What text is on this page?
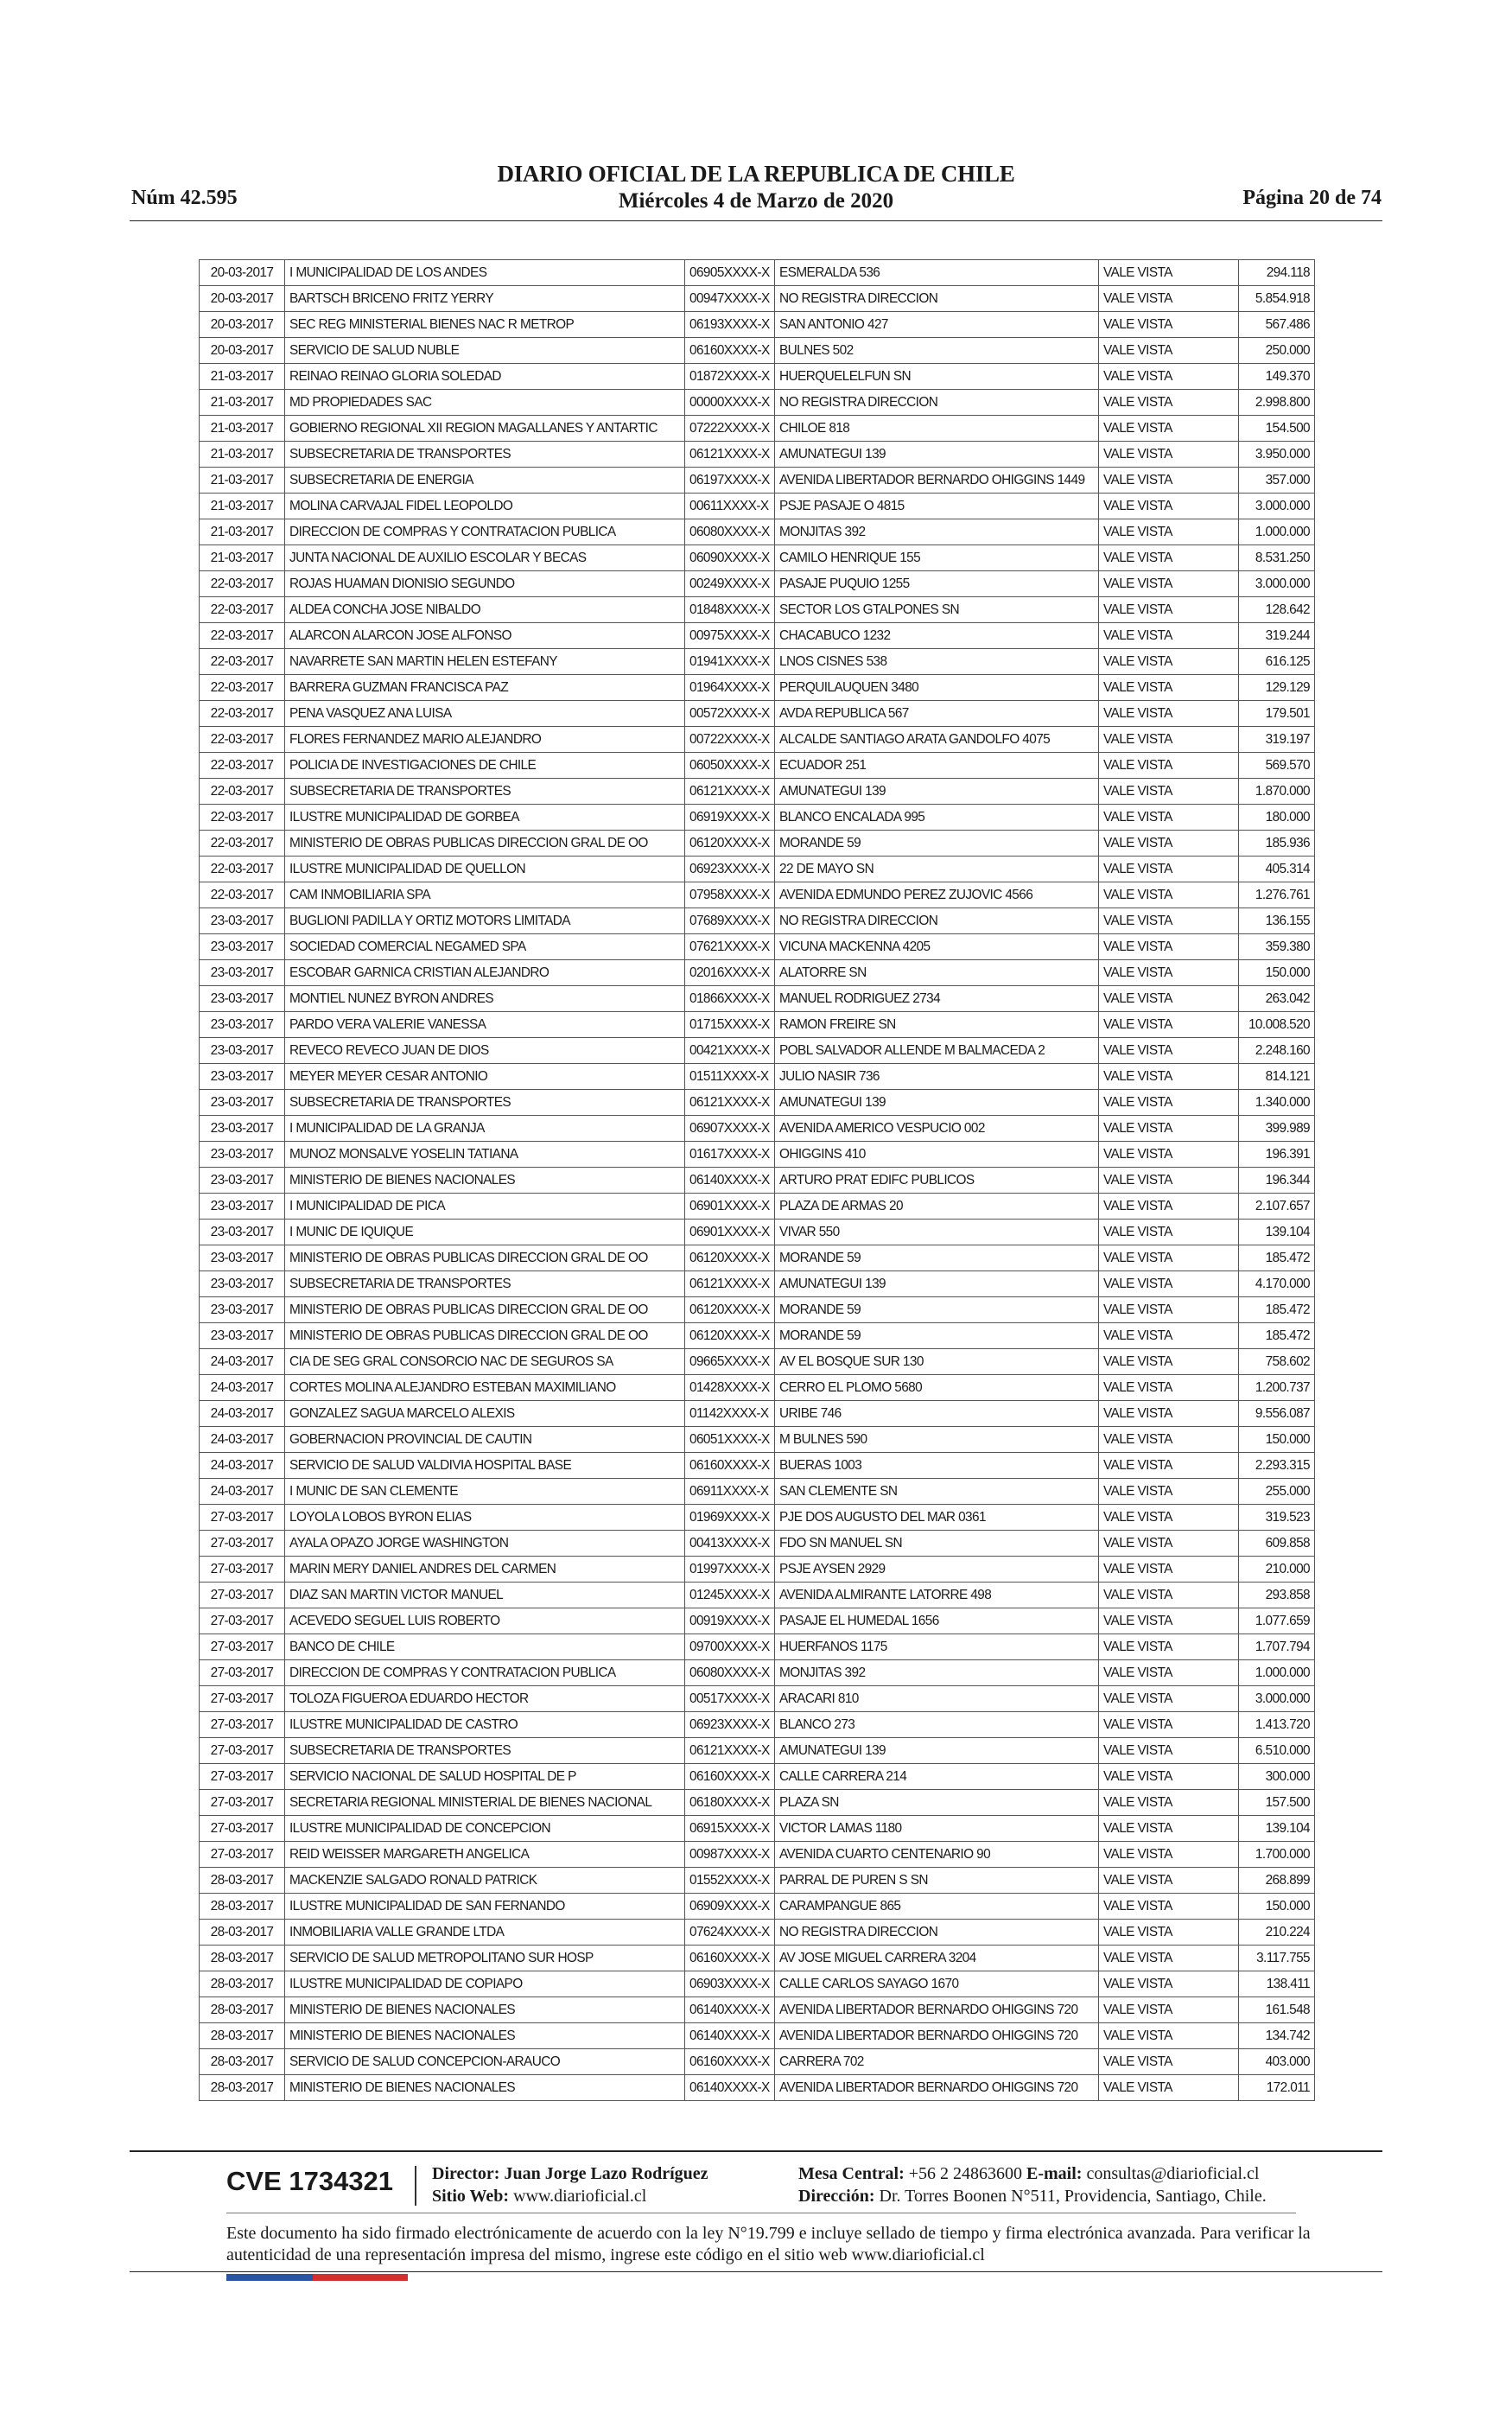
Núm 42.595
DIARIO OFICIAL DE LA REPUBLICA DE CHILE
Miércoles 4 de Marzo de 2020	Página 20 de 74
20-03-2017	I MUNICIPALIDAD DE LOS ANDES	06905XXXX-X	ESMERALDA 536	VALE VISTA	294.118
20-03-2017	BARTSCH BRICENO FRITZ YERRY	00947XXXX-X	NO REGISTRA DIRECCION	VALE VISTA	5.854.918
20-03-2017	SEC REG MINISTERIAL BIENES NAC R METROP	06193XXXX-X	SAN ANTONIO 427	VALE VISTA	567.486
20-03-2017	SERVICIO DE SALUD NUBLE	06160XXXX-X	BULNES 502	VALE VISTA	250.000
21-03-2017	REINAO REINAO GLORIA SOLEDAD	01872XXXX-X	HUERQUELELFUN SN	VALE VISTA	149.370
21-03-2017	MD PROPIEDADES SAC	00000XXXX-X	NO REGISTRA DIRECCION	VALE VISTA	2.998.800
21-03-2017	GOBIERNO REGIONAL XII REGION MAGALLANES Y ANTARTIC	07222XXXX-X	CHILOE 818	VALE VISTA	154.500
21-03-2017	SUBSECRETARIA DE TRANSPORTES	06121XXXX-X	AMUNATEGUI 139	VALE VISTA	3.950.000
21-03-2017	SUBSECRETARIA DE ENERGIA	06197XXXX-X	AVENIDA LIBERTADOR BERNARDO OHIGGINS 1449	VALE VISTA	357.000
21-03-2017	MOLINA CARVAJAL FIDEL LEOPOLDO	00611XXXX-X	PSJE PASAJE O 4815	VALE VISTA	3.000.000
21-03-2017	DIRECCION DE COMPRAS Y CONTRATACION PUBLICA	06080XXXX-X	MONJITAS 392	VALE VISTA	1.000.000
21-03-2017	JUNTA NACIONAL DE AUXILIO ESCOLAR Y BECAS	06090XXXX-X	CAMILO HENRIQUE 155	VALE VISTA	8.531.250
22-03-2017	ROJAS HUAMAN DIONISIO SEGUNDO	00249XXXX-X	PASAJE PUQUIO 1255	VALE VISTA	3.000.000
22-03-2017	ALDEA CONCHA JOSE NIBALDO	01848XXXX-X	SECTOR LOS GTALPONES SN	VALE VISTA	128.642
22-03-2017	ALARCON ALARCON JOSE ALFONSO	00975XXXX-X	CHACABUCO 1232	VALE VISTA	319.244
22-03-2017	NAVARRETE SAN MARTIN HELEN ESTEFANY	01941XXXX-X	LNOS CISNES 538	VALE VISTA	616.125
22-03-2017	BARRERA GUZMAN FRANCISCA PAZ	01964XXXX-X	PERQUILAUQUEN 3480	VALE VISTA	129.129
22-03-2017	PENA VASQUEZ ANA LUISA	00572XXXX-X	AVDA REPUBLICA 567	VALE VISTA	179.501
22-03-2017	FLORES FERNANDEZ MARIO ALEJANDRO	00722XXXX-X	ALCALDE SANTIAGO ARATA GANDOLFO 4075	VALE VISTA	319.197
22-03-2017	POLICIA DE INVESTIGACIONES DE CHILE	06050XXXX-X	ECUADOR 251	VALE VISTA	569.570
22-03-2017	SUBSECRETARIA DE TRANSPORTES	06121XXXX-X	AMUNATEGUI 139	VALE VISTA	1.870.000
22-03-2017	ILUSTRE MUNICIPALIDAD DE GORBEA	06919XXXX-X	BLANCO ENCALADA 995	VALE VISTA	180.000
22-03-2017	MINISTERIO DE OBRAS PUBLICAS DIRECCION GRAL DE OO	06120XXXX-X	MORANDE 59	VALE VISTA	185.936
22-03-2017	ILUSTRE MUNICIPALIDAD DE QUELLON	06923XXXX-X	22 DE MAYO SN	VALE VISTA	405.314
22-03-2017	CAM INMOBILIARIA SPA	07958XXXX-X	AVENIDA EDMUNDO PEREZ ZUJOVIC 4566	VALE VISTA	1.276.761
23-03-2017	BUGLIONI PADILLA Y ORTIZ MOTORS LIMITADA	07689XXXX-X	NO REGISTRA DIRECCION	VALE VISTA	136.155
23-03-2017	SOCIEDAD COMERCIAL NEGAMED SPA	07621XXXX-X	VICUNA MACKENNA 4205	VALE VISTA	359.380
23-03-2017	ESCOBAR GARNICA CRISTIAN ALEJANDRO	02016XXXX-X	ALATORRE SN	VALE VISTA	150.000
23-03-2017	MONTIEL NUNEZ BYRON ANDRES	01866XXXX-X	MANUEL RODRIGUEZ 2734	VALE VISTA	263.042
23-03-2017	PARDO VERA VALERIE VANESSA	01715XXXX-X	RAMON FREIRE SN	VALE VISTA	10.008.520
23-03-2017	REVECO REVECO JUAN DE DIOS	00421XXXX-X	POBL SALVADOR ALLENDE M BALMACEDA 2	VALE VISTA	2.248.160
23-03-2017	MEYER MEYER CESAR ANTONIO	01511XXXX-X	JULIO NASIR 736	VALE VISTA	814.121
23-03-2017	SUBSECRETARIA DE TRANSPORTES	06121XXXX-X	AMUNATEGUI 139	VALE VISTA	1.340.000
23-03-2017	I MUNICIPALIDAD DE LA GRANJA	06907XXXX-X	AVENIDA AMERICO VESPUCIO 002	VALE VISTA	399.989
23-03-2017	MUNOZ MONSALVE YOSELIN TATIANA	01617XXXX-X	OHIGGINS 410	VALE VISTA	196.391
23-03-2017	MINISTERIO DE BIENES NACIONALES	06140XXXX-X	ARTURO PRAT EDIFC PUBLICOS	VALE VISTA	196.344
23-03-2017	I MUNICIPALIDAD DE PICA	06901XXXX-X	PLAZA DE ARMAS 20	VALE VISTA	2.107.657
23-03-2017	I MUNIC DE IQUIQUE	06901XXXX-X	VIVAR 550	VALE VISTA	139.104
23-03-2017	MINISTERIO DE OBRAS PUBLICAS DIRECCION GRAL DE OO	06120XXXX-X	MORANDE 59	VALE VISTA	185.472
23-03-2017	SUBSECRETARIA DE TRANSPORTES	06121XXXX-X	AMUNATEGUI 139	VALE VISTA	4.170.000
23-03-2017	MINISTERIO DE OBRAS PUBLICAS DIRECCION GRAL DE OO	06120XXXX-X	MORANDE 59	VALE VISTA	185.472
23-03-2017	MINISTERIO DE OBRAS PUBLICAS DIRECCION GRAL DE OO	06120XXXX-X	MORANDE 59	VALE VISTA	185.472
24-03-2017	CIA DE SEG GRAL CONSORCIO NAC DE SEGUROS SA	09665XXXX-X	AV EL BOSQUE SUR 130	VALE VISTA	758.602
24-03-2017	CORTES MOLINA ALEJANDRO ESTEBAN MAXIMILIANO	01428XXXX-X	CERRO EL PLOMO 5680	VALE VISTA	1.200.737
24-03-2017	GONZALEZ SAGUA MARCELO ALEXIS	01142XXXX-X	URIBE 746	VALE VISTA	9.556.087
24-03-2017	GOBERNACION PROVINCIAL DE CAUTIN	06051XXXX-X	M BULNES 590	VALE VISTA	150.000
24-03-2017	SERVICIO DE SALUD VALDIVIA HOSPITAL BASE	06160XXXX-X	BUERAS 1003	VALE VISTA	2.293.315
24-03-2017	I MUNIC DE SAN CLEMENTE	06911XXXX-X	SAN CLEMENTE SN	VALE VISTA	255.000
27-03-2017	LOYOLA LOBOS BYRON ELIAS	01969XXXX-X	PJE DOS AUGUSTO DEL MAR 0361	VALE VISTA	319.523
27-03-2017	AYALA OPAZO JORGE WASHINGTON	00413XXXX-X	FDO SN MANUEL SN	VALE VISTA	609.858
27-03-2017	MARIN MERY DANIEL ANDRES DEL CARMEN	01997XXXX-X	PSJE AYSEN 2929	VALE VISTA	210.000
27-03-2017	DIAZ SAN MARTIN VICTOR MANUEL	01245XXXX-X	AVENIDA ALMIRANTE LATORRE 498	VALE VISTA	293.858
27-03-2017	ACEVEDO SEGUEL LUIS ROBERTO	00919XXXX-X	PASAJE EL HUMEDAL 1656	VALE VISTA	1.077.659
27-03-2017	BANCO DE CHILE	09700XXXX-X	HUERFANOS 1175	VALE VISTA	1.707.794
27-03-2017	DIRECCION DE COMPRAS Y CONTRATACION PUBLICA	06080XXXX-X	MONJITAS 392	VALE VISTA	1.000.000
27-03-2017	TOLOZA FIGUEROA EDUARDO HECTOR	00517XXXX-X	ARACARI 810	VALE VISTA	3.000.000
27-03-2017	ILUSTRE MUNICIPALIDAD DE CASTRO	06923XXXX-X	BLANCO 273	VALE VISTA	1.413.720
27-03-2017	SUBSECRETARIA DE TRANSPORTES	06121XXXX-X	AMUNATEGUI 139	VALE VISTA	6.510.000
27-03-2017	SERVICIO NACIONAL DE SALUD HOSPITAL DE P	06160XXXX-X	CALLE CARRERA 214	VALE VISTA	300.000
27-03-2017	SECRETARIA REGIONAL MINISTERIAL DE BIENES NACIONAL	06180XXXX-X	PLAZA SN	VALE VISTA	157.500
27-03-2017	ILUSTRE MUNICIPALIDAD DE CONCEPCION	06915XXXX-X	VICTOR LAMAS 1180	VALE VISTA	139.104
27-03-2017	REID WEISSER MARGARETH ANGELICA	00987XXXX-X	AVENIDA CUARTO CENTENARIO 90	VALE VISTA	1.700.000
28-03-2017	MACKENZIE SALGADO RONALD PATRICK	01552XXXX-X	PARRAL DE PUREN S SN	VALE VISTA	268.899
28-03-2017	ILUSTRE MUNICIPALIDAD DE SAN FERNANDO	06909XXXX-X	CARAMPANGUE 865	VALE VISTA	150.000
28-03-2017	INMOBILIARIA VALLE GRANDE LTDA	07624XXXX-X	NO REGISTRA DIRECCION	VALE VISTA	210.224
28-03-2017	SERVICIO DE SALUD METROPOLITANO SUR HOSP	06160XXXX-X	AV JOSE MIGUEL CARRERA 3204	VALE VISTA	3.117.755
28-03-2017	ILUSTRE MUNICIPALIDAD DE COPIAPO	06903XXXX-X	CALLE CARLOS SAYAGO 1670	VALE VISTA	138.411
28-03-2017	MINISTERIO DE BIENES NACIONALES	06140XXXX-X	AVENIDA LIBERTADOR BERNARDO OHIGGINS 720	VALE VISTA	161.548
28-03-2017	MINISTERIO DE BIENES NACIONALES	06140XXXX-X	AVENIDA LIBERTADOR BERNARDO OHIGGINS 720	VALE VISTA	134.742
28-03-2017	SERVICIO DE SALUD CONCEPCION-ARAUCO	06160XXXX-X	CARRERA 702	VALE VISTA	403.000
28-03-2017	MINISTERIO DE BIENES NACIONALES	06140XXXX-X	AVENIDA LIBERTADOR BERNARDO OHIGGINS 720	VALE VISTA	172.011
CVE 1734321 Director: Juan Jorge Lazo Rodríguez
Sitio Web: www.diarioficial.cl
Mesa Central: +56 2 24863600 E-mail: consultas@diarioficial.cl
Dirección: Dr. Torres Boonen N°511, Providencia, Santiago, Chile.
Este documento ha sido firmado electrónicamente de acuerdo con la ley N°19.799 e incluye sellado de tiempo y firma electrónica avanzada. Para verificar la autenticidad de una representación impresa del mismo, ingrese este código en el sitio web www.diarioficial.cl
